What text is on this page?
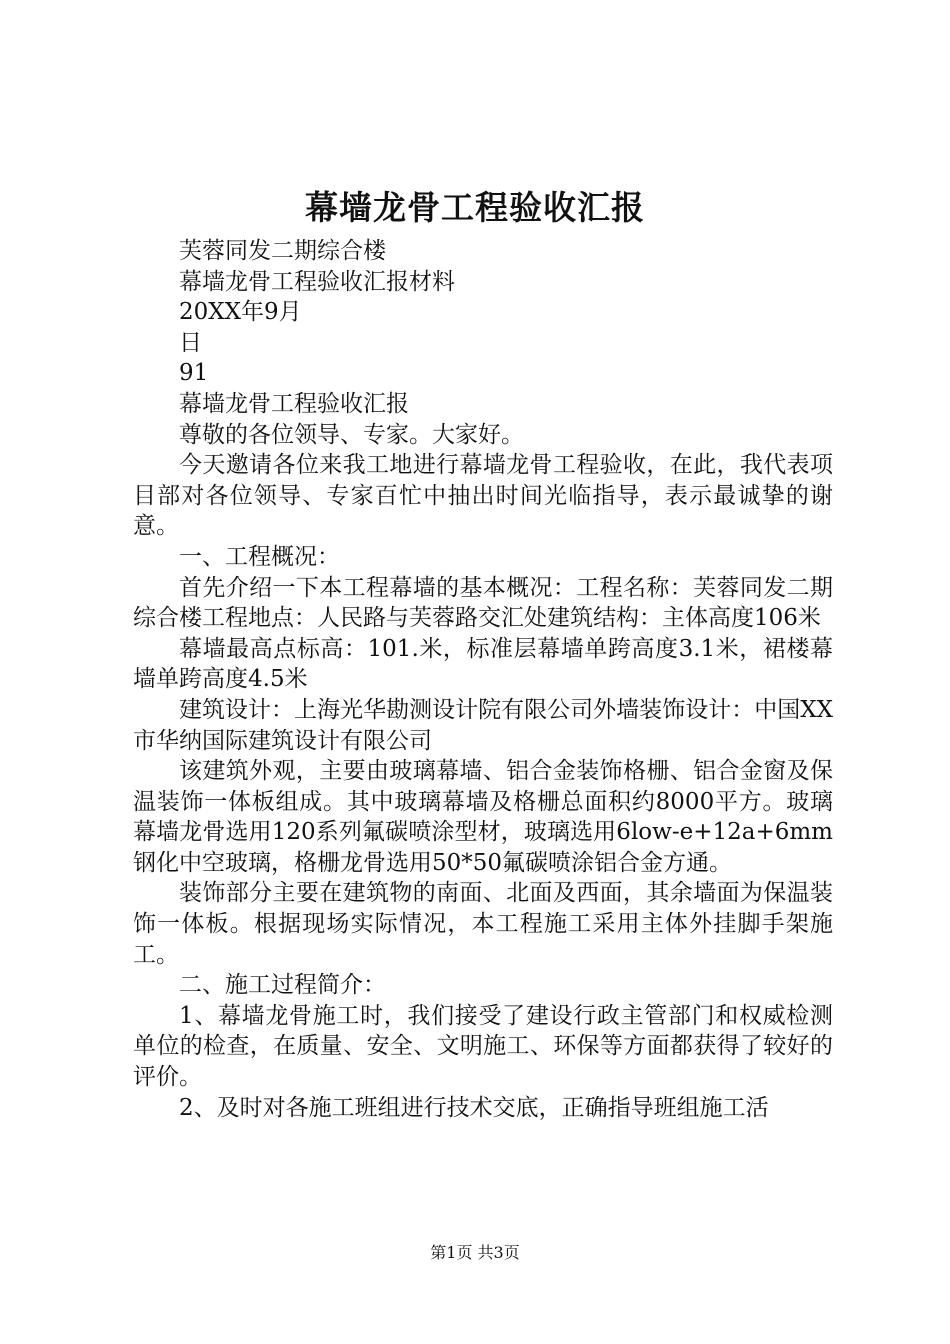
幕墙龙骨工程验收汇报

芙蓉同发二期综合楼

幕墙龙骨工程验收汇报材料

20XX年9月

日

91

幕墙龙骨工程验收汇报

尊敬的各位领导、专家。大家好。

今天邀请各位来我工地进行幕墙龙骨工程验收，在此，我代表项目部对各位领导、专家百忙中抽出时间光临指导，表示最诚挚的谢意。

一、工程概况：

首先介绍一下本工程幕墙的基本概况：工程名称：芙蓉同发二期综合楼工程地点：人民路与芙蓉路交汇处建筑结构：主体高度106米

幕墙最高点标高：101.米，标准层幕墙单跨高度3.1米，裙楼幕墙单跨高度4.5米

建筑设计：上海光华勘测设计院有限公司外墙装饰设计：中国XX市华纳国际建筑设计有限公司

该建筑外观，主要由玻璃幕墙、铝合金装饰格栅、铝合金窗及保温装饰一体板组成。其中玻璃幕墙及格栅总面积约8000平方。玻璃幕墙龙骨选用120系列氟碳喷涂型材，玻璃选用6low-e+12a+6mm钢化中空玻璃，格栅龙骨选用50*50氟碳喷涂铝合金方通。

装饰部分主要在建筑物的南面、北面及西面，其余墙面为保温装饰一体板。根据现场实际情况，本工程施工采用主体外挂脚手架施工。

二、施工过程简介：

1、幕墙龙骨施工时，我们接受了建设行政主管部门和权威检测单位的检查，在质量、安全、文明施工、环保等方面都获得了较好的评价。

2、及时对各施工班组进行技术交底，正确指导班组施工活

第1页 共3页
